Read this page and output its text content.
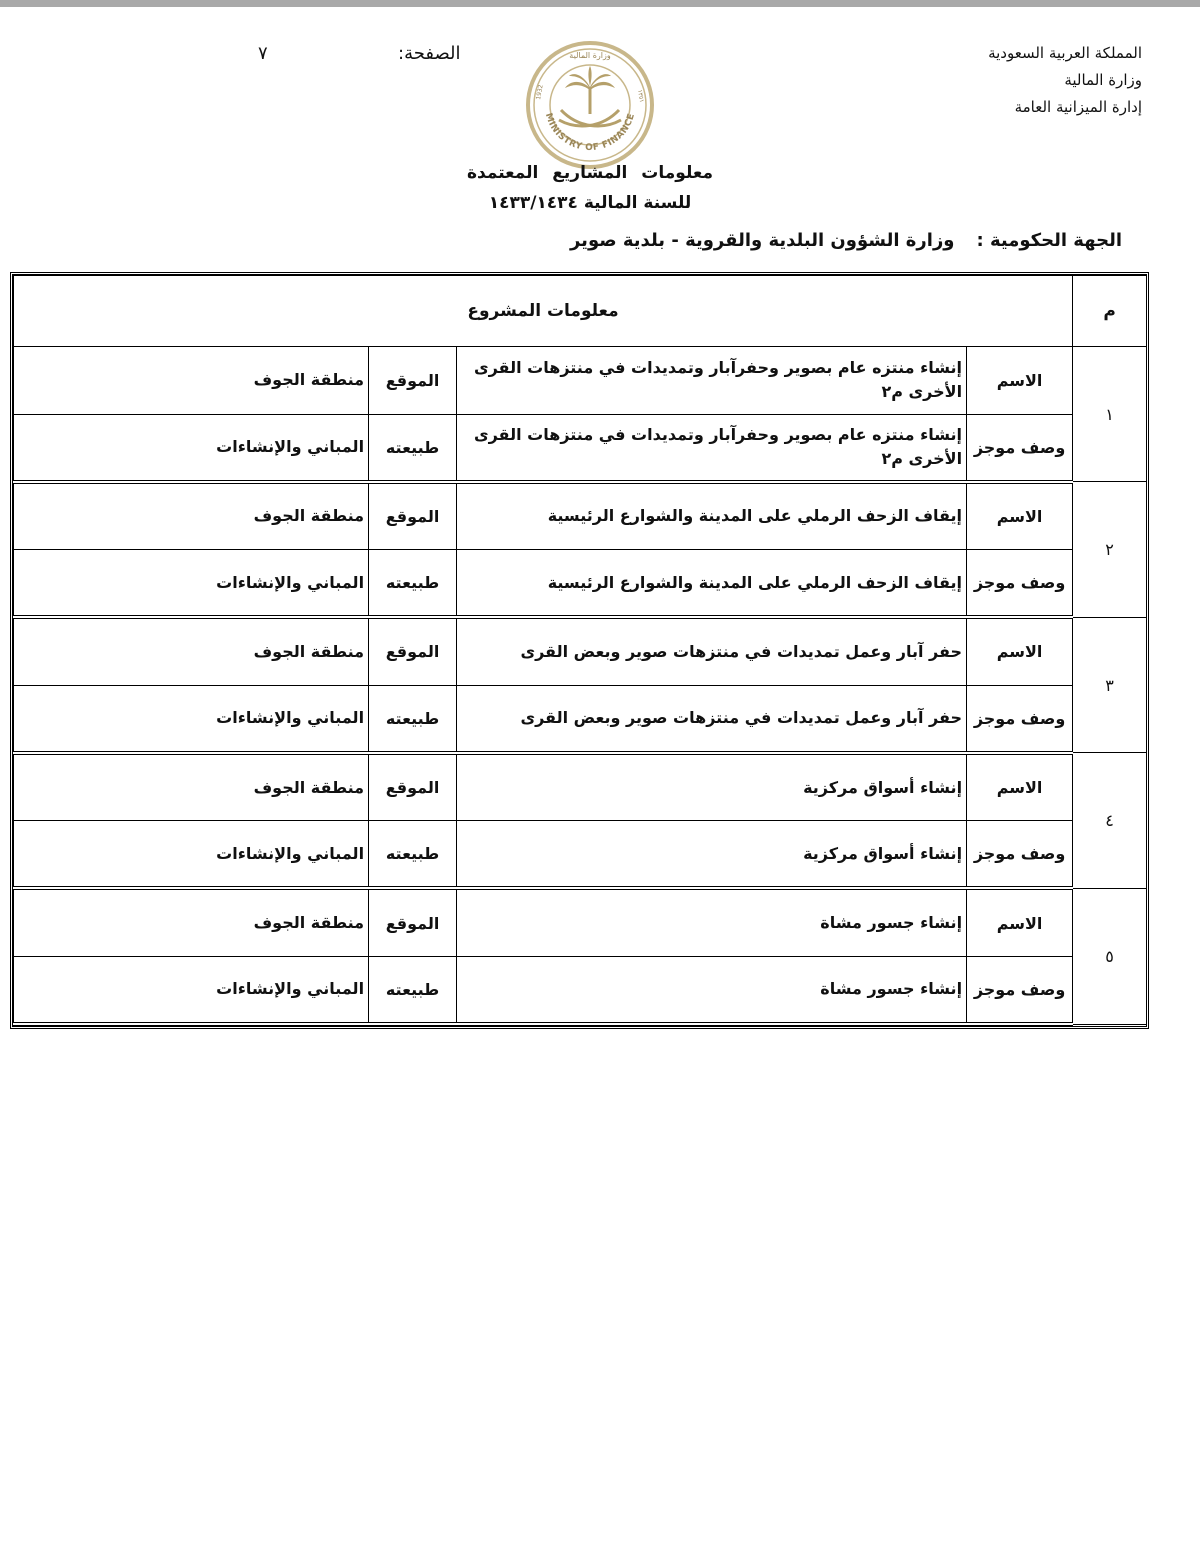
المملكة العربية السعودية
وزارة المالية
إدارة الميزانية العامة
الصفحة:
٧
MINISTRY OF FINANCE
1932	١٣٥١
وزارة المالية
معلومات المشاريع المعتمدة
للسنة المالية ١٤٣٣/١٤٣٤
الجهة الحكومية :وزارة الشؤون البلدية والقروية - بلدية صوير
م	معلومات المشروع			
١	الاسم	إنشاء منتزه عام بصوير وحفرآبار وتمديدات في منتزهات القرى الأخرى م٢	الموقع	منطقة الجوف
	وصف موجز	إنشاء منتزه عام بصوير وحفرآبار وتمديدات في منتزهات القرى الأخرى م٢	طبيعته	المباني والإنشاءات
٢	الاسم	إيقاف الزحف الرملي على المدينة والشوارع الرئيسية	الموقع	منطقة الجوف
	وصف موجز	إيقاف الزحف الرملي على المدينة والشوارع الرئيسية	طبيعته	المباني والإنشاءات
٣	الاسم	حفر آبار وعمل تمديدات في منتزهات صوير وبعض القرى	الموقع	منطقة الجوف
	وصف موجز	حفر آبار وعمل تمديدات في منتزهات صوير وبعض القرى	طبيعته	المباني والإنشاءات
٤	الاسم	إنشاء أسواق مركزية	الموقع	منطقة الجوف
	وصف موجز	إنشاء أسواق مركزية	طبيعته	المباني والإنشاءات
٥	الاسم	إنشاء جسور مشاة	الموقع	منطقة الجوف
	وصف موجز	إنشاء جسور مشاة	طبيعته	المباني والإنشاءات
